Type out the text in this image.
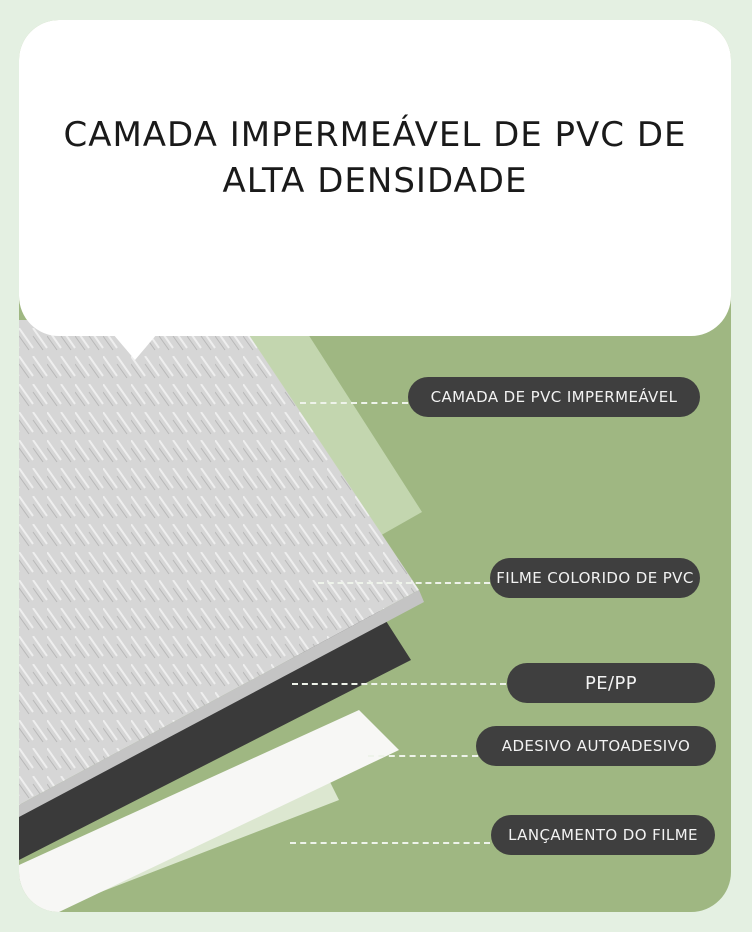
CAMADA IMPERMEÁVEL DE PVC DE
ALTA DENSIDADE
CAMADA DE PVC IMPERMEÁVEL
FILME COLORIDO DE PVC
PE/PP
ADESIVO AUTOADESIVO
LANÇAMENTO DO FILME
